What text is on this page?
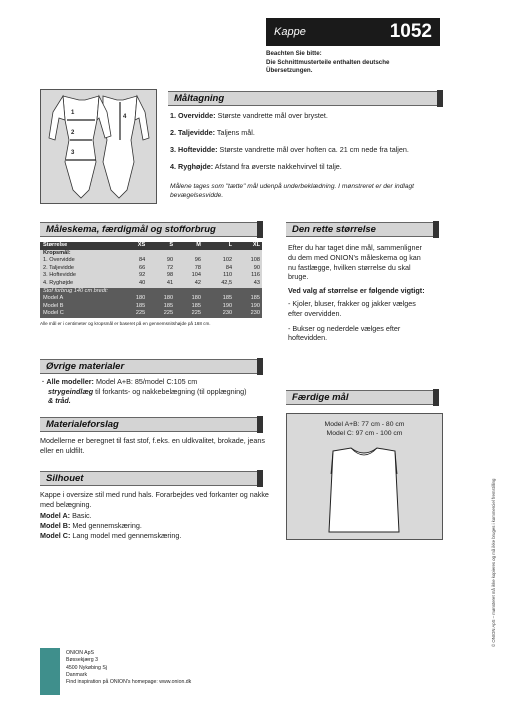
Kappe	1052
Beachten Sie bitte:
Die Schnittmusterteile enthalten deutsche
Übersetzungen.
1
2
3
4
Måltagning
1. Overvidde: Største vandrette mål over brystet.
2. Taljevidde: Taljens mål.
3. Hoftevidde: Største vandrette mål over hoften ca. 21 cm nede fra taljen.
4. Ryghøjde: Afstand fra øverste nakkehvirvel til talje.
Målene tages som "tætte" mål udenpå underbeklædning. I mønstreret er der indlagt bevægelsesvidde.
Måleskema, færdigmål og stofforbrug
Størrelse	XS	S	M	L	XL
Kropsmål:					
1. Overvidde	84	90	96	102	108
2. Taljevidde	66	72	78	84	90
3. Hoftevidde	92	98	104	110	116
4. Ryghøjde	40	41	42	42,5	43
Stof forbrug 140 cm bredt:					
Model A	180	180	180	185	185
Model B	185	185	185	190	190
Model C	225	225	225	230	230
Alle mål er i centimeter og kropsmål er baseret på en gennemsnitshøjde på 168 cm.
Den rette størrelse
Efter du har taget dine mål, sammenligner du dem med ONION's måleskema og kan nu fastlægge, hvilken størrelse du skal bruge.
Ved valg af størrelse er følgende vigtigt:
- Kjoler, bluser, frakker og jakker vælges efter overvidden.
- Bukser og nederdele vælges efter hoftevidden.
Øvrige materialer
· Alle modeller: Model A+B: 85/model C:105 cm
strygeindlæg til forkants- og nakkebelægning (til opplægning)
& tråd.
Materialeforslag
Modellerne er beregnet til fast stof, f.eks. en uldkvalitet, brokade, jeans eller en uldfilt.
Silhouet
Kappe i oversize stil med rund hals. Forarbejdes ved forkanter og nakke med belægning.
Model A: Basic.
Model B: Med gennemskæring.
Model C: Lang model med gennemskæring.
Færdige mål
Model A+B: 77 cm - 80 cm
Model C: 97 cm - 100 cm
© ONION ApS – mønsteret må ikke kopieres og må ikke bruges i kommerciel fremstilling
ONION ApS
Bøssekjærg 3
4500 Nykøbing Sj
Danmark
Find inspiration på ONION's homepage: www.onion.dk
